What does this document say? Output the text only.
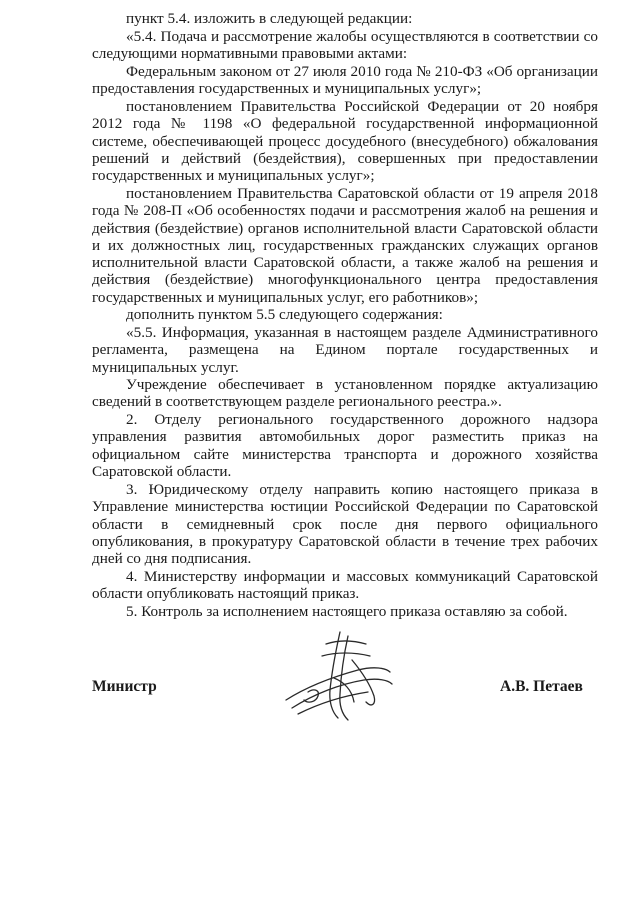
пункт 5.4. изложить в следующей редакции:

«5.4. Подача и рассмотрение жалобы осуществляются в соответствии со следующими нормативными правовыми актами:

Федеральным законом от 27 июля 2010 года № 210-ФЗ «Об организации предоставления государственных и муниципальных услуг»;

постановлением Правительства Российской Федерации от 20 ноября 2012 года № 1198 «О федеральной государственной информационной системе, обеспечивающей процесс досудебного (внесудебного) обжалования решений и действий (бездействия), совершенных при предоставлении государственных и муниципальных услуг»;

постановлением Правительства Саратовской области от 19 апреля 2018 года № 208-П «Об особенностях подачи и рассмотрения жалоб на решения и действия (бездействие) органов исполнительной власти Саратовской области и их должностных лиц, государственных гражданских служащих органов исполнительной власти Саратовской области, а также жалоб на решения и действия (бездействие) многофункционального центра предоставления государственных и муниципальных услуг, его работников»;

дополнить пунктом 5.5 следующего содержания:

«5.5. Информация, указанная в настоящем разделе Административного регламента, размещена на Едином портале государственных и муниципальных услуг.

Учреждение обеспечивает в установленном порядке актуализацию сведений в соответствующем разделе регионального реестра.».

2. Отделу регионального государственного дорожного надзора управления развития автомобильных дорог разместить приказ на официальном сайте министерства транспорта и дорожного хозяйства Саратовской области.

3. Юридическому отделу направить копию настоящего приказа в Управление министерства юстиции Российской Федерации по Саратовской области в семидневный срок после дня первого официального опубликования, в прокуратуру Саратовской области в течение трех рабочих дней со дня подписания.

4. Министерству информации и массовых коммуникаций Саратовской области опубликовать настоящий приказ.

5. Контроль за исполнением настоящего приказа оставляю за собой.

Министр	А.В. Петаев
